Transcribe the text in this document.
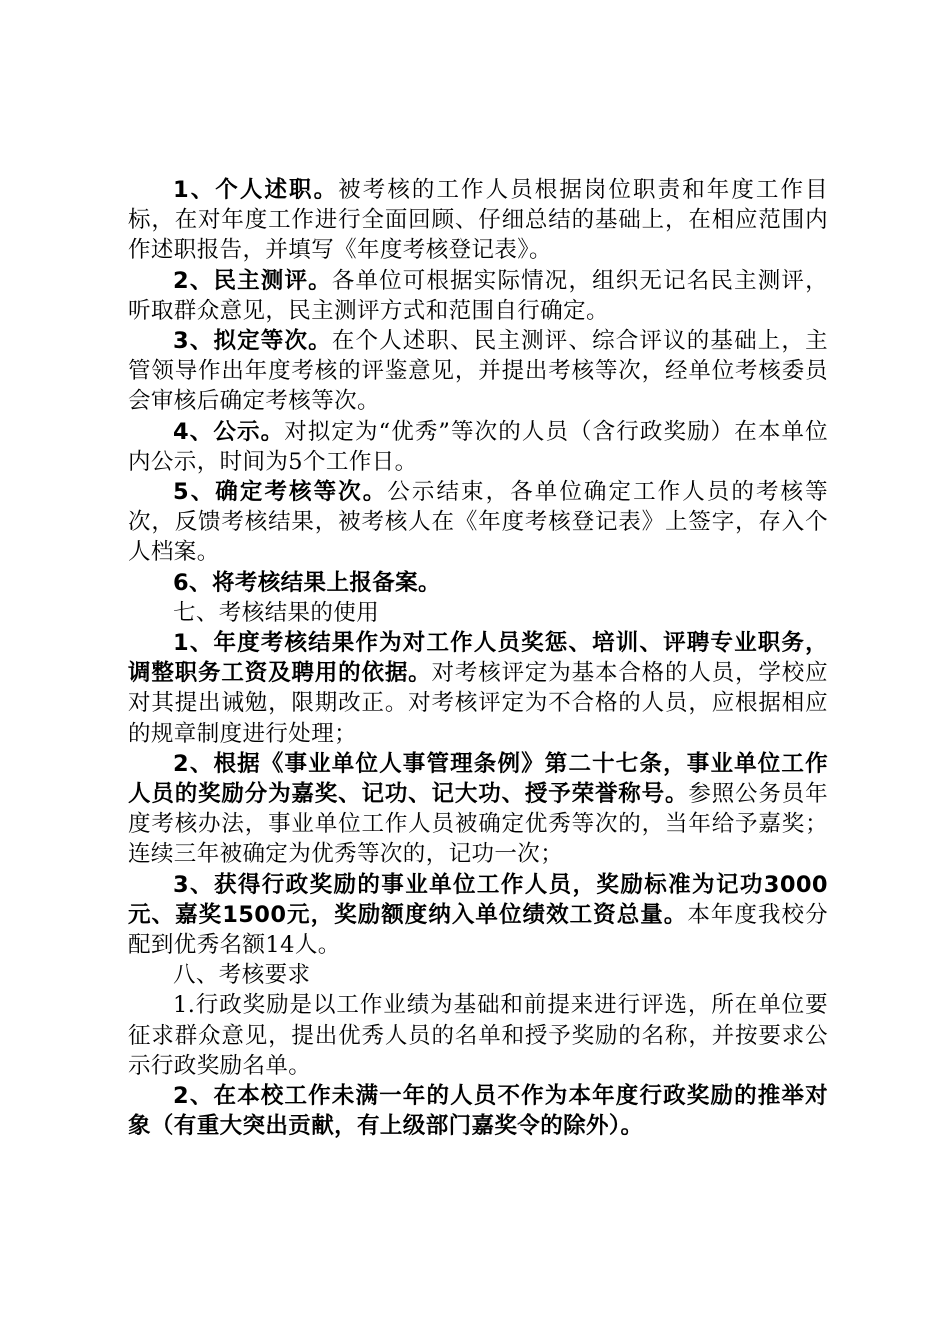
1、个人述职。被考核的工作人员根据岗位职责和年度工作目标，在对年度工作进行全面回顾、仔细总结的基础上，在相应范围内作述职报告，并填写《年度考核登记表》。

2、民主测评。各单位可根据实际情况，组织无记名民主测评，听取群众意见，民主测评方式和范围自行确定。

3、拟定等次。在个人述职、民主测评、综合评议的基础上，主管领导作出年度考核的评鉴意见，并提出考核等次，经单位考核委员会审核后确定考核等次。

4、公示。对拟定为“优秀”等次的人员（含行政奖励）在本单位内公示，时间为5个工作日。

5、确定考核等次。公示结束，各单位确定工作人员的考核等次，反馈考核结果，被考核人在《年度考核登记表》上签字，存入个人档案。

6、将考核结果上报备案。

七、考核结果的使用

1、年度考核结果作为对工作人员奖惩、培训、评聘专业职务，调整职务工资及聘用的依据。对考核评定为基本合格的人员，学校应对其提出诫勉，限期改正。对考核评定为不合格的人员，应根据相应的规章制度进行处理；

2、根据《事业单位人事管理条例》第二十七条，事业单位工作人员的奖励分为嘉奖、记功、记大功、授予荣誉称号。参照公务员年度考核办法，事业单位工作人员被确定优秀等次的，当年给予嘉奖；连续三年被确定为优秀等次的，记功一次；

3、获得行政奖励的事业单位工作人员，奖励标准为记功3000元、嘉奖1500元，奖励额度纳入单位绩效工资总量。本年度我校分配到优秀名额14人。

八、考核要求

1.行政奖励是以工作业绩为基础和前提来进行评选，所在单位要征求群众意见，提出优秀人员的名单和授予奖励的名称，并按要求公示行政奖励名单。

2、在本校工作未满一年的人员不作为本年度行政奖励的推举对象（有重大突出贡献，有上级部门嘉奖令的除外）。
